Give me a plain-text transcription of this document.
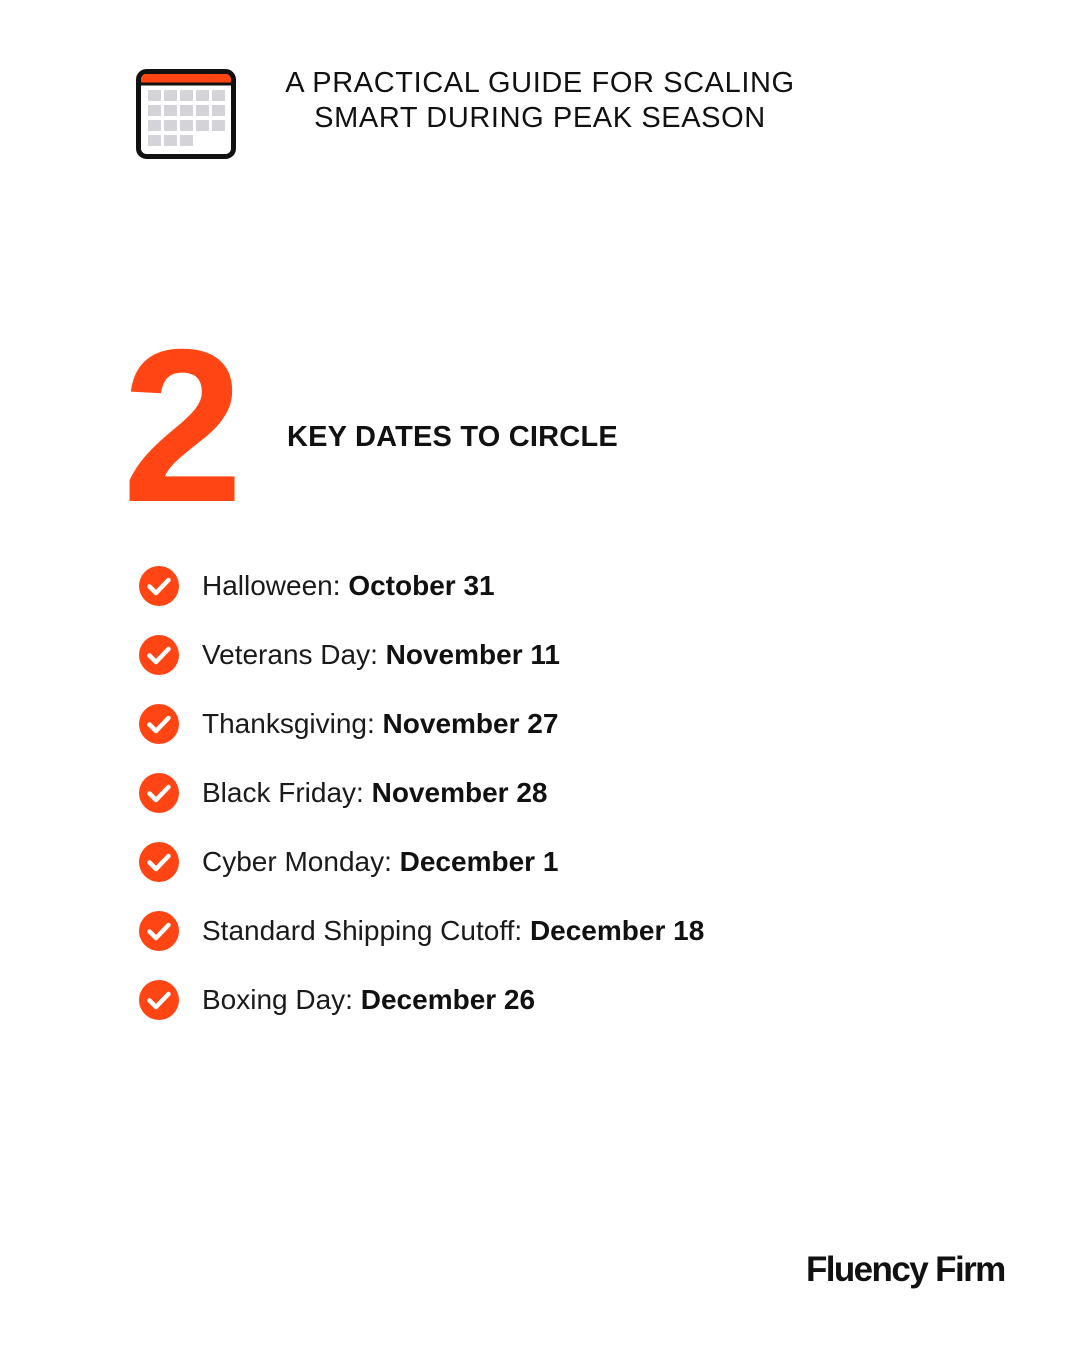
A PRACTICAL GUIDE FOR SCALING
SMART DURING PEAK SEASON
2 KEY DATES TO CIRCLE
Halloween: October 31
Veterans Day: November 11
Thanksgiving: November 27
Black Friday: November 28
Cyber Monday: December 1
Standard Shipping Cutoff: December 18
Boxing Day: December 26
Fluency Firm
